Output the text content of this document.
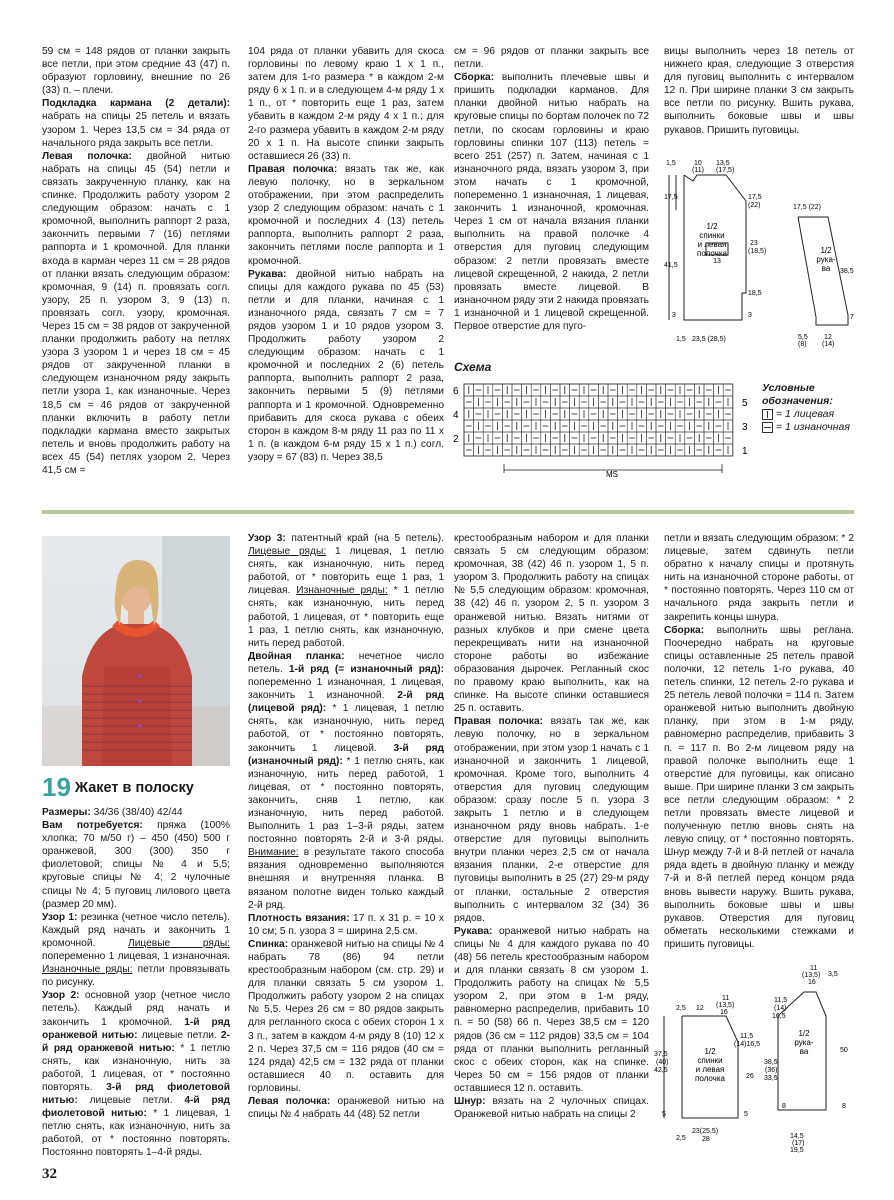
59 см = 148 рядов от планки закрыть все петли, при этом средние 43 (47) п. образуют горловину, внешние по 26 (33) п. – плечи.

Подкладка кармана (2 детали): набрать на спицы 25 петель и вязать узором 1. Через 13,5 см = 34 ряда от начального ряда закрыть все петли.

Левая полочка: двойной нитью набрать на спицы 45 (54) петли и связать закрученную планку, как на спинке. Продолжить работу узором 2 следующим образом: начать с 1 кромочной, выполнить раппорт 2 раза, закончить первыми 7 (16) петлями раппорта и 1 кромочной. Для планки входа в карман через 11 см = 28 рядов от планки вязать следующим образом: кромочная, 9 (14) п. провязать согл. узору, 25 п. узором 3, 9 (13) п. провязать согл. узору, кромочная. Через 15 см = 38 рядов от закрученной планки продолжить работу на петлях узора 3 узором 1 и через 18 см = 45 рядов от закрученной планки в следующем изнаночном ряду закрыть петли узора 1, как изнаночные. Через 18,5 см = 46 рядов от закрученной планки включить в работу петли подкладки кармана вместо закрытых петель и вновь продолжить работу на всех 45 (54) петлях узором 2. Через 41,5 см =

104 ряда от планки убавить для скоса горловины по левому краю 1 х 1 п., затем для 1-го размера * в каждом 2-м ряду 6 х 1 п. и в следующем 4-м ряду 1 х 1 п., от * повторить еще 1 раз, затем убавить в каждом 2-м ряду 4 х 1 п.; для 2-го размера убавить в каждом 2-м ряду 20 х 1 п. На высоте спинки закрыть оставшиеся 26 (33) п.

Правая полочка: вязать так же, как левую полочку, но в зеркальном отображении, при этом распределить узор 2 следующим образом: начать с 1 кромочной и последних 4 (13) петель раппорта, выполнить раппорт 2 раза, закончить петлями после раппорта и 1 кромочной.

Рукава: двойной нитью набрать на спицы для каждого рукава по 45 (53) петли и для планки, начиная с 1 изнаночного ряда, связать 7 см = 7 рядов узором 1 и 10 рядов узором 3. Продолжить работу узором 2 следующим образом: начать с 1 кромочной и последних 2 (6) петель раппорта, выполнить раппорт 2 раза, закончить первыми 5 (9) петлями раппорта и 1 кромочной. Одновременно прибавить для скоса рукава с обеих сторон в каждом 8-м ряду 11 раз по 11 х 1 п. (в каждом 6-м ряду 15 х 1 п.) согл. узору = 67 (83) п. Через 38,5

см = 96 рядов от планки закрыть все петли.

Сборка: выполнить плечевые швы и пришить подкладки карманов. Для планки двойной нитью набрать на круговые спицы по бортам полочек по 72 петли, по скосам горловины и краю горловины спинки 107 (113) петель = всего 251 (257) п. Затем, начиная с 1 изнаночного ряда, вязать узором 3, при этом начать с 1 кромочной, попеременно 1 изнаночная, 1 лицевая, закончить 1 изнаночной, кромочная. Через 1 см от начала вязания планки выполнить на правой полочке 4 отверстия для пуговиц следующим образом: 2 петли провязать вместе лицевой скрещенной, 2 накида, 2 петли провязать вместе лицевой. В изнаночном ряду эти 2 накида провязать 1 изнаночной и 1 лицевой скрещенной. Первое отверстие для пуго-

вицы выполнить через 18 петель от нижнего края, следующие 3 отверстия для пуговиц выполнить с интервалом 12 п. При ширине планки 3 см закрыть все петли по рисунку. Вшить рукава, выполнить боковые швы и швы рукавов. Пришить пуговицы.

1,5	10
(11)
13,5
(17,5)
17,5
41,5
3
17,5
(22)
23
(18,5)
18,5
3
1,5 23,5 (28,5)
1/2
спинки
и левая
полочка
13
17,5 (22)
1/2
рука-
ва 38,5
7
5,5
(8)
12
(14)
Схема
6
4
2
5
3
1
MS
Условные обозначения:
= 1 лицевая
= 1 изнаночная
19 Жакет в полоску

Размеры: 34/36 (38/40) 42/44

Вам потребуется: пряжа (100% хлопка; 70 м/50 г) – 450 (450) 500 г оранжевой, 300 (300) 350 г фиолетовой; спицы № 4 и 5,5; круговые спицы № 4; 2 чулочные спицы № 4; 5 пуговиц лилового цвета (размер 20 мм).

Узор 1: резинка (четное число петель). Каждый ряд начать и закончить 1 кромочной.	Лицевые ряды: попеременно 1 лицевая, 1 изнаночная. Изнаночные ряды: петли провязывать по рисунку.

Узор 2: основной узор (четное число петель). Каждый ряд начать и закончить 1 кромочной. 1-й ряд оранжевой нитью: лицевые петли. 2-й ряд оранжевой нитью: * 1 петлю снять, как изнаночную, нить за работой, 1 лицевая, от * постоянно повторять. 3-й ряд фиолетовой нитью: лицевые петли. 4-й ряд фиолетовой нитью: * 1 лицевая, 1 петлю снять, как изнаночную, нить за работой, от * постоянно повторять. Постоянно повторять 1–4-й ряды.

Узор 3: патентный край (на 5 петель). Лицевые ряды: 1 лицевая, 1 петлю снять, как изнаночную, нить перед работой, от * повторить еще 1 раз, 1 лицевая. Изнаночные ряды: * 1 петлю снять, как изнаночную, нить перед работой, 1 лицевая, от * повторить еще 1 раз, 1 петлю снять, как изнаночную, нить перед работой.

Двойная планка: нечетное число петель. 1-й ряд (= изнаночный ряд): попеременно 1 изнаночная, 1 лицевая, закончить 1 изнаночной. 2-й ряд (лицевой ряд): * 1 лицевая, 1 петлю снять, как изнаночную, нить перед работой, от * постоянно повторять, закончить 1 лицевой. 3-й ряд (изнаночный ряд): * 1 петлю снять, как изнаночную, нить перед работой, 1 лицевая, от * постоянно повторять, закончить, сняв 1 петлю, как изнаночную, нить перед работой. Выполнить 1 раз 1–3-й ряды, затем постоянно повторять 2-й и 3-й ряды. Внимание: в результате такого способа вязания одновременно выполняются внешняя и внутренняя планка. В вязаном полотне виден только каждый 2-й ряд.

Плотность вязания: 17 п. х 31 р. = 10 х 10 см; 5 п. узора 3 = ширина 2,5 см.

Спинка: оранжевой нитью на спицы № 4 набрать 78 (86) 94 петли крестообразным набором (см. стр. 29) и для планки связать 5 см узором 1. Продолжить работу узором 2 на спицах № 5,5. Через 26 см = 80 рядов закрыть для регланного скоса с обеих сторон 1 х 3 п., затем в каждом 4-м ряду 8 (10) 12 х 2 п. Через 37,5 см = 116 рядов (40 см = 124 ряда) 42,5 см = 132 ряда от планки оставшиеся 40 п. оставить для горловины.

Левая полочка: оранжевой нитью на спицы № 4 набрать 44 (48) 52 петли

крестообразным набором и для планки связать 5 см следующим образом: кромочная, 38 (42) 46 п. узором 1, 5 п. узором 3. Продолжить работу на спицах № 5,5 следующим образом: кромочная, 38 (42) 46 п. узором 2, 5 п. узором 3 оранжевой нитью. Вязать нитями от разных клубков и при смене цвета перекрещивать нити на изнаночной стороне работы во избежание образования дырочек. Регланный скос по правому краю выполнить, как на спинке. На высоте спинки оставшиеся 25 п. оставить.

Правая полочка: вязать так же, как левую полочку, но в зеркальном отображении, при этом узор 1 начать с 1 изнаночной и закончить 1 лицевой, кромочная. Кроме того, выполнить 4 отверстия для пуговиц следующим образом: сразу после 5 п. узора 3 закрыть 1 петлю и в следующем изнаночном ряду вновь набрать. 1-е отверстие для пуговицы выполнить внутри планки через 2,5 см от начала вязания планки, 2-е отверстие для пуговицы выполнить в 25 (27) 29-м ряду от планки, остальные 2 отверстия выполнить с интервалом 32 (34) 36 рядов.

Рукава: оранжевой нитью набрать на спицы № 4 для каждого рукава по 40 (48) 56 петель крестообразным набором и для планки связать 8 см узором 1. Продолжить работу на спицах № 5,5 узором 2, при этом в 1-м ряду, равномерно распределив, прибавить 10 п. = 50 (58) 66 п. Через 38,5 см = 120 рядов (36 см = 112 рядов) 33,5 см = 104 ряда от планки выполнить регланный скос с обеих сторон, как на спинке. Через 50 см = 156 рядов от планки оставшиеся 12 п. оставить.

Шнур: вязать на 2 чулочных спицах. Оранжевой нитью набрать на спицы 2

петли и вязать следующим образом: * 2 лицевые, затем сдвинуть петли обратно к началу спицы и протянуть нить на изнаночной стороне работы, от * постоянно повторять. Через 110 см от начального ряда закрыть петли и закрепить концы шнура.

Сборка: выполнить швы реглана. Поочередно набрать на круговые спицы оставленные 25 петель правой полочки, 12 петель 1-го рукава, 40 петель спинки, 12 петель 2-го рукава и 25 петель левой полочки = 114 п. Затем оранжевой нитью выполнить двойную планку, при этом в 1-м ряду, равномерно распределив, прибавить 3 п. = 117 п. Во 2-м лицевом ряду на правой полочке выполнить еще 1 отверстие для пуговицы, как описано выше. При ширине планки 3 см закрыть все петли следующим образом: * 2 петли провязать вместе лицевой и полученную петлю вновь снять на левую спицу, от * постоянно повторять. Шнур между 7-й и 8-й петлей от начала ряда вдеть в двойную планку и между 7-й и 8-й петлей перед концом ряда вновь вывести наружу. Вшить рукава, выполнить боковые швы и швы рукавов. Отверстия для пуговиц обметать несколькими стежками и пришить пуговицы.

2,5 12
11
(13,5)
16
37,5
(40)
42,5
11,5
(14)16,5
26
5	5
2,5
23(25,5)
28
1/2
спинки
и левая
полочка
11
(13,5)
16
3,5
11,5
(14)
16,5
1/2
рука-
ва
38,5
(36)
33,5
50
8	8
14,5
(17)
19,5
32
